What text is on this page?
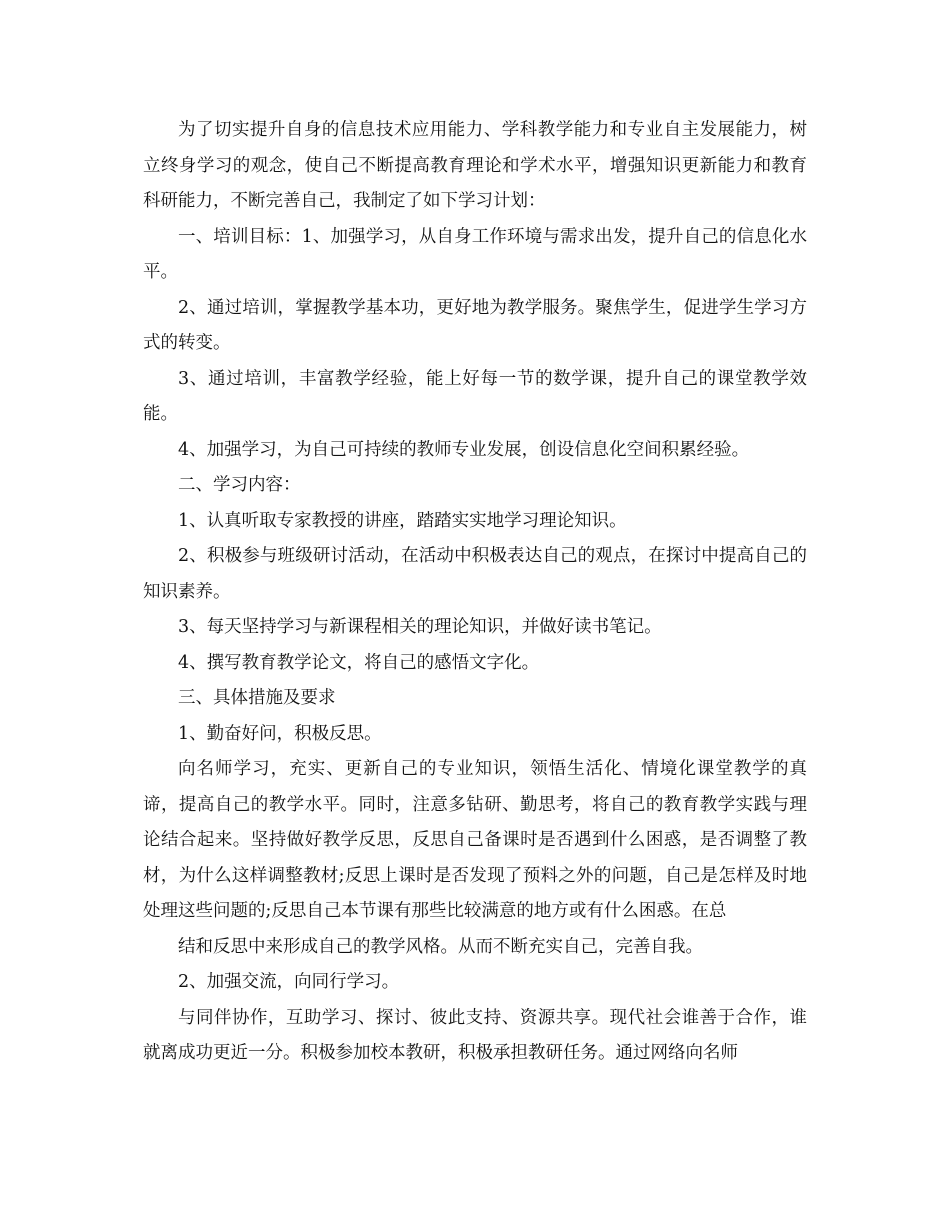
为了切实提升自身的信息技术应用能力、学科教学能力和专业自主发展能力，树立终身学习的观念，使自己不断提高教育理论和学术水平，增强知识更新能力和教育科研能力，不断完善自己，我制定了如下学习计划：

一、培训目标：1、加强学习，从自身工作环境与需求出发，提升自己的信息化水平。

2、通过培训，掌握教学基本功，更好地为教学服务。聚焦学生，促进学生学习方式的转变。

3、通过培训，丰富教学经验，能上好每一节的数学课，提升自己的课堂教学效能。

4、加强学习，为自己可持续的教师专业发展，创设信息化空间积累经验。

二、学习内容：

1、认真听取专家教授的讲座，踏踏实实地学习理论知识。

2、积极参与班级研讨活动，在活动中积极表达自己的观点，在探讨中提高自己的知识素养。

3、每天坚持学习与新课程相关的理论知识，并做好读书笔记。

4、撰写教育教学论文，将自己的感悟文字化。

三、具体措施及要求

1、勤奋好问，积极反思。

向名师学习，充实、更新自己的专业知识，领悟生活化、情境化课堂教学的真谛，提高自己的教学水平。同时，注意多钻研、勤思考，将自己的教育教学实践与理论结合起来。坚持做好教学反思，反思自己备课时是否遇到什么困惑，是否调整了教材，为什么这样调整教材;反思上课时是否发现了预料之外的问题，自己是怎样及时地处理这些问题的;反思自己本节课有那些比较满意的地方或有什么困惑。在总

结和反思中来形成自己的教学风格。从而不断充实自己，完善自我。

2、加强交流，向同行学习。

与同伴协作，互助学习、探讨、彼此支持、资源共享。现代社会谁善于合作，谁就离成功更近一分。积极参加校本教研，积极承担教研任务。通过网络向名师
